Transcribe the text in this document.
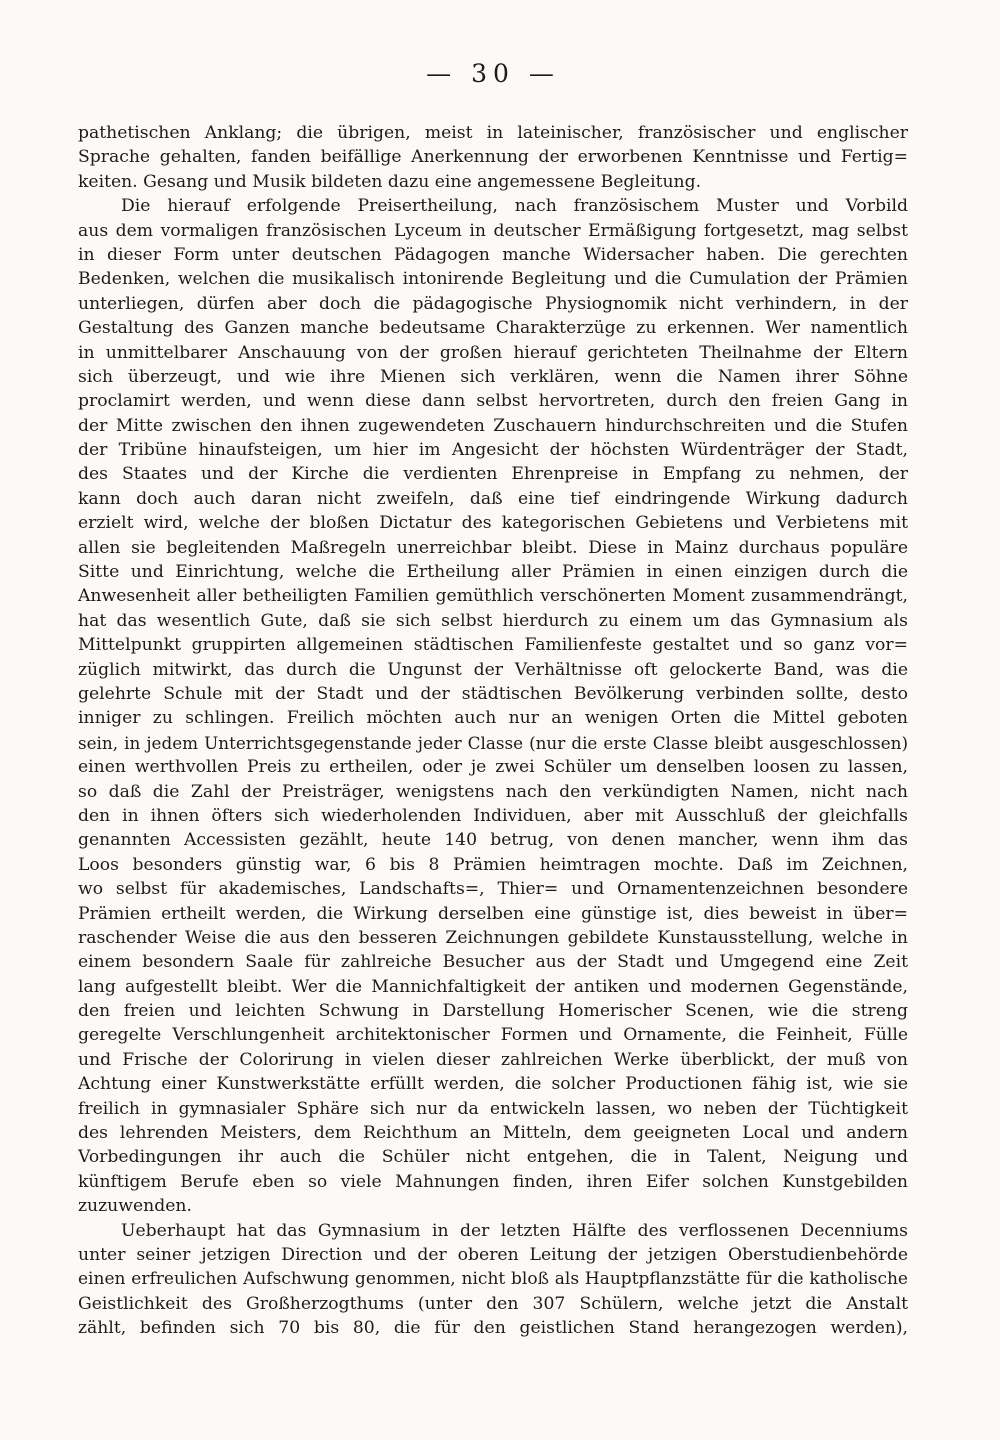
— 30 —
pathetischen Anklang; die übrigen, meist in lateinischer, französischer und englischer
Sprache gehalten, fanden beifällige Anerkennung der erworbenen Kenntnisse und Fertig=
keiten. Gesang und Musik bildeten dazu eine angemessene Begleitung.
Die hierauf erfolgende Preisertheilung, nach französischem Muster und Vorbild
aus dem vormaligen französischen Lyceum in deutscher Ermäßigung fortgesetzt, mag selbst
in dieser Form unter deutschen Pädagogen manche Widersacher haben. Die gerechten
Bedenken, welchen die musikalisch intonirende Begleitung und die Cumulation der Prämien
unterliegen, dürfen aber doch die pädagogische Physiognomik nicht verhindern, in der
Gestaltung des Ganzen manche bedeutsame Charakterzüge zu erkennen. Wer namentlich
in unmittelbarer Anschauung von der großen hierauf gerichteten Theilnahme der Eltern
sich überzeugt, und wie ihre Mienen sich verklären, wenn die Namen ihrer Söhne
proclamirt werden, und wenn diese dann selbst hervortreten, durch den freien Gang in
der Mitte zwischen den ihnen zugewendeten Zuschauern hindurchschreiten und die Stufen
der Tribüne hinaufsteigen, um hier im Angesicht der höchsten Würdenträger der Stadt,
des Staates und der Kirche die verdienten Ehrenpreise in Empfang zu nehmen, der
kann doch auch daran nicht zweifeln, daß eine tief eindringende Wirkung dadurch
erzielt wird, welche der bloßen Dictatur des kategorischen Gebietens und Verbietens mit
allen sie begleitenden Maßregeln unerreichbar bleibt. Diese in Mainz durchaus populäre
Sitte und Einrichtung, welche die Ertheilung aller Prämien in einen einzigen durch die
Anwesenheit aller betheiligten Familien gemüthlich verschönerten Moment zusammendrängt,
hat das wesentlich Gute, daß sie sich selbst hierdurch zu einem um das Gymnasium als
Mittelpunkt gruppirten allgemeinen städtischen Familienfeste gestaltet und so ganz vor=
züglich mitwirkt, das durch die Ungunst der Verhältnisse oft gelockerte Band, was die
gelehrte Schule mit der Stadt und der städtischen Bevölkerung verbinden sollte, desto
inniger zu schlingen. Freilich möchten auch nur an wenigen Orten die Mittel geboten
sein, in jedem Unterrichtsgegenstande jeder Classe (nur die erste Classe bleibt ausgeschlossen)
einen werthvollen Preis zu ertheilen, oder je zwei Schüler um denselben loosen zu lassen,
so daß die Zahl der Preisträger, wenigstens nach den verkündigten Namen, nicht nach
den in ihnen öfters sich wiederholenden Individuen, aber mit Ausschluß der gleichfalls
genannten Accessisten gezählt, heute 140 betrug, von denen mancher, wenn ihm das
Loos besonders günstig war, 6 bis 8 Prämien heimtragen mochte. Daß im Zeichnen,
wo selbst für akademisches, Landschafts=, Thier= und Ornamentenzeichnen besondere
Prämien ertheilt werden, die Wirkung derselben eine günstige ist, dies beweist in über=
raschender Weise die aus den besseren Zeichnungen gebildete Kunstausstellung, welche in
einem besondern Saale für zahlreiche Besucher aus der Stadt und Umgegend eine Zeit
lang aufgestellt bleibt. Wer die Mannichfaltigkeit der antiken und modernen Gegenstände,
den freien und leichten Schwung in Darstellung Homerischer Scenen, wie die streng
geregelte Verschlungenheit architektonischer Formen und Ornamente, die Feinheit, Fülle
und Frische der Colorirung in vielen dieser zahlreichen Werke überblickt, der muß von
Achtung einer Kunstwerkstätte erfüllt werden, die solcher Productionen fähig ist, wie sie
freilich in gymnasialer Sphäre sich nur da entwickeln lassen, wo neben der Tüchtigkeit
des lehrenden Meisters, dem Reichthum an Mitteln, dem geeigneten Local und andern
Vorbedingungen ihr auch die Schüler nicht entgehen, die in Talent, Neigung und
künftigem Berufe eben so viele Mahnungen finden, ihren Eifer solchen Kunstgebilden
zuzuwenden.
Ueberhaupt hat das Gymnasium in der letzten Hälfte des verflossenen Decenniums
unter seiner jetzigen Direction und der oberen Leitung der jetzigen Oberstudienbehörde
einen erfreulichen Aufschwung genommen, nicht bloß als Hauptpflanzstätte für die katholische
Geistlichkeit des Großherzogthums (unter den 307 Schülern, welche jetzt die Anstalt
zählt, befinden sich 70 bis 80, die für den geistlichen Stand herangezogen werden),
